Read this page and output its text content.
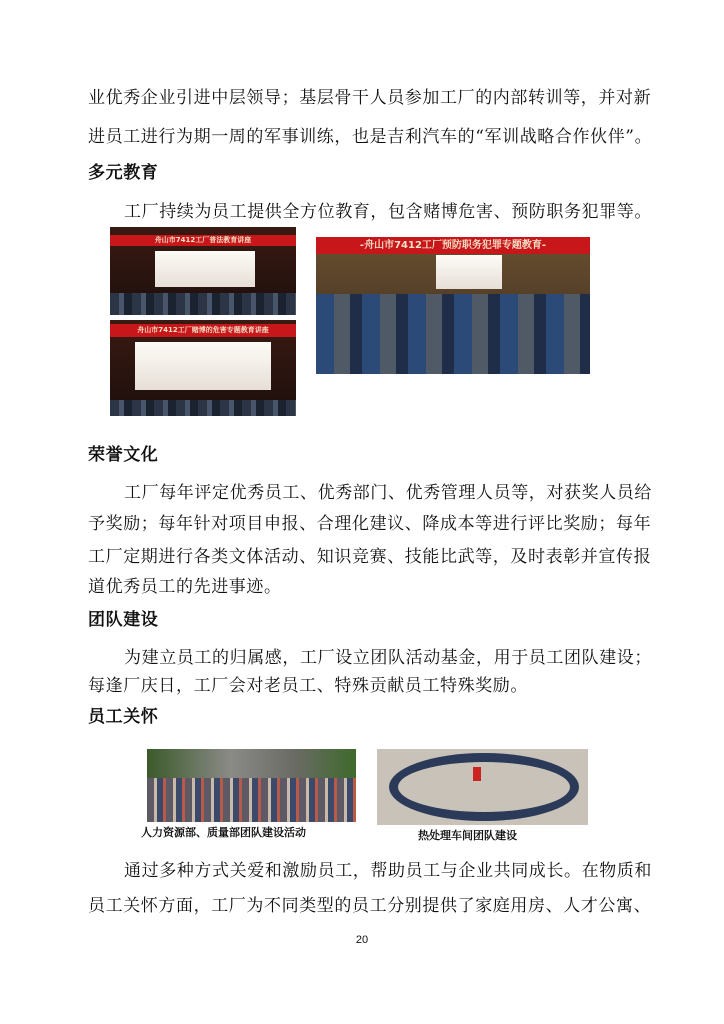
业优秀企业引进中层领导；基层骨干人员参加工厂的内部转训等，并对新
进员工进行为期一周的军事训练，也是吉利汽车的“军训战略合作伙伴”。
多元教育
工厂持续为员工提供全方位教育，包含赌博危害、预防职务犯罪等。
舟山市7412工厂普法教育讲座
舟山市7412工厂赌博的危害专题教育讲座
-舟山市7412工厂预防职务犯罪专题教育-
荣誉文化
工厂每年评定优秀员工、优秀部门、优秀管理人员等，对获奖人员给
予奖励；每年针对项目申报、合理化建议、降成本等进行评比奖励；每年
工厂定期进行各类文体活动、知识竞赛、技能比武等，及时表彰并宣传报
道优秀员工的先进事迹。
团队建设
为建立员工的归属感，工厂设立团队活动基金，用于员工团队建设；
每逢厂庆日，工厂会对老员工、特殊贡献员工特殊奖励。
员工关怀
人力资源部、质量部团队建设活动	热处理车间团队建设
通过多种方式关爱和激励员工，帮助员工与企业共同成长。在物质和
员工关怀方面，工厂为不同类型的员工分别提供了家庭用房、人才公寓、
20
